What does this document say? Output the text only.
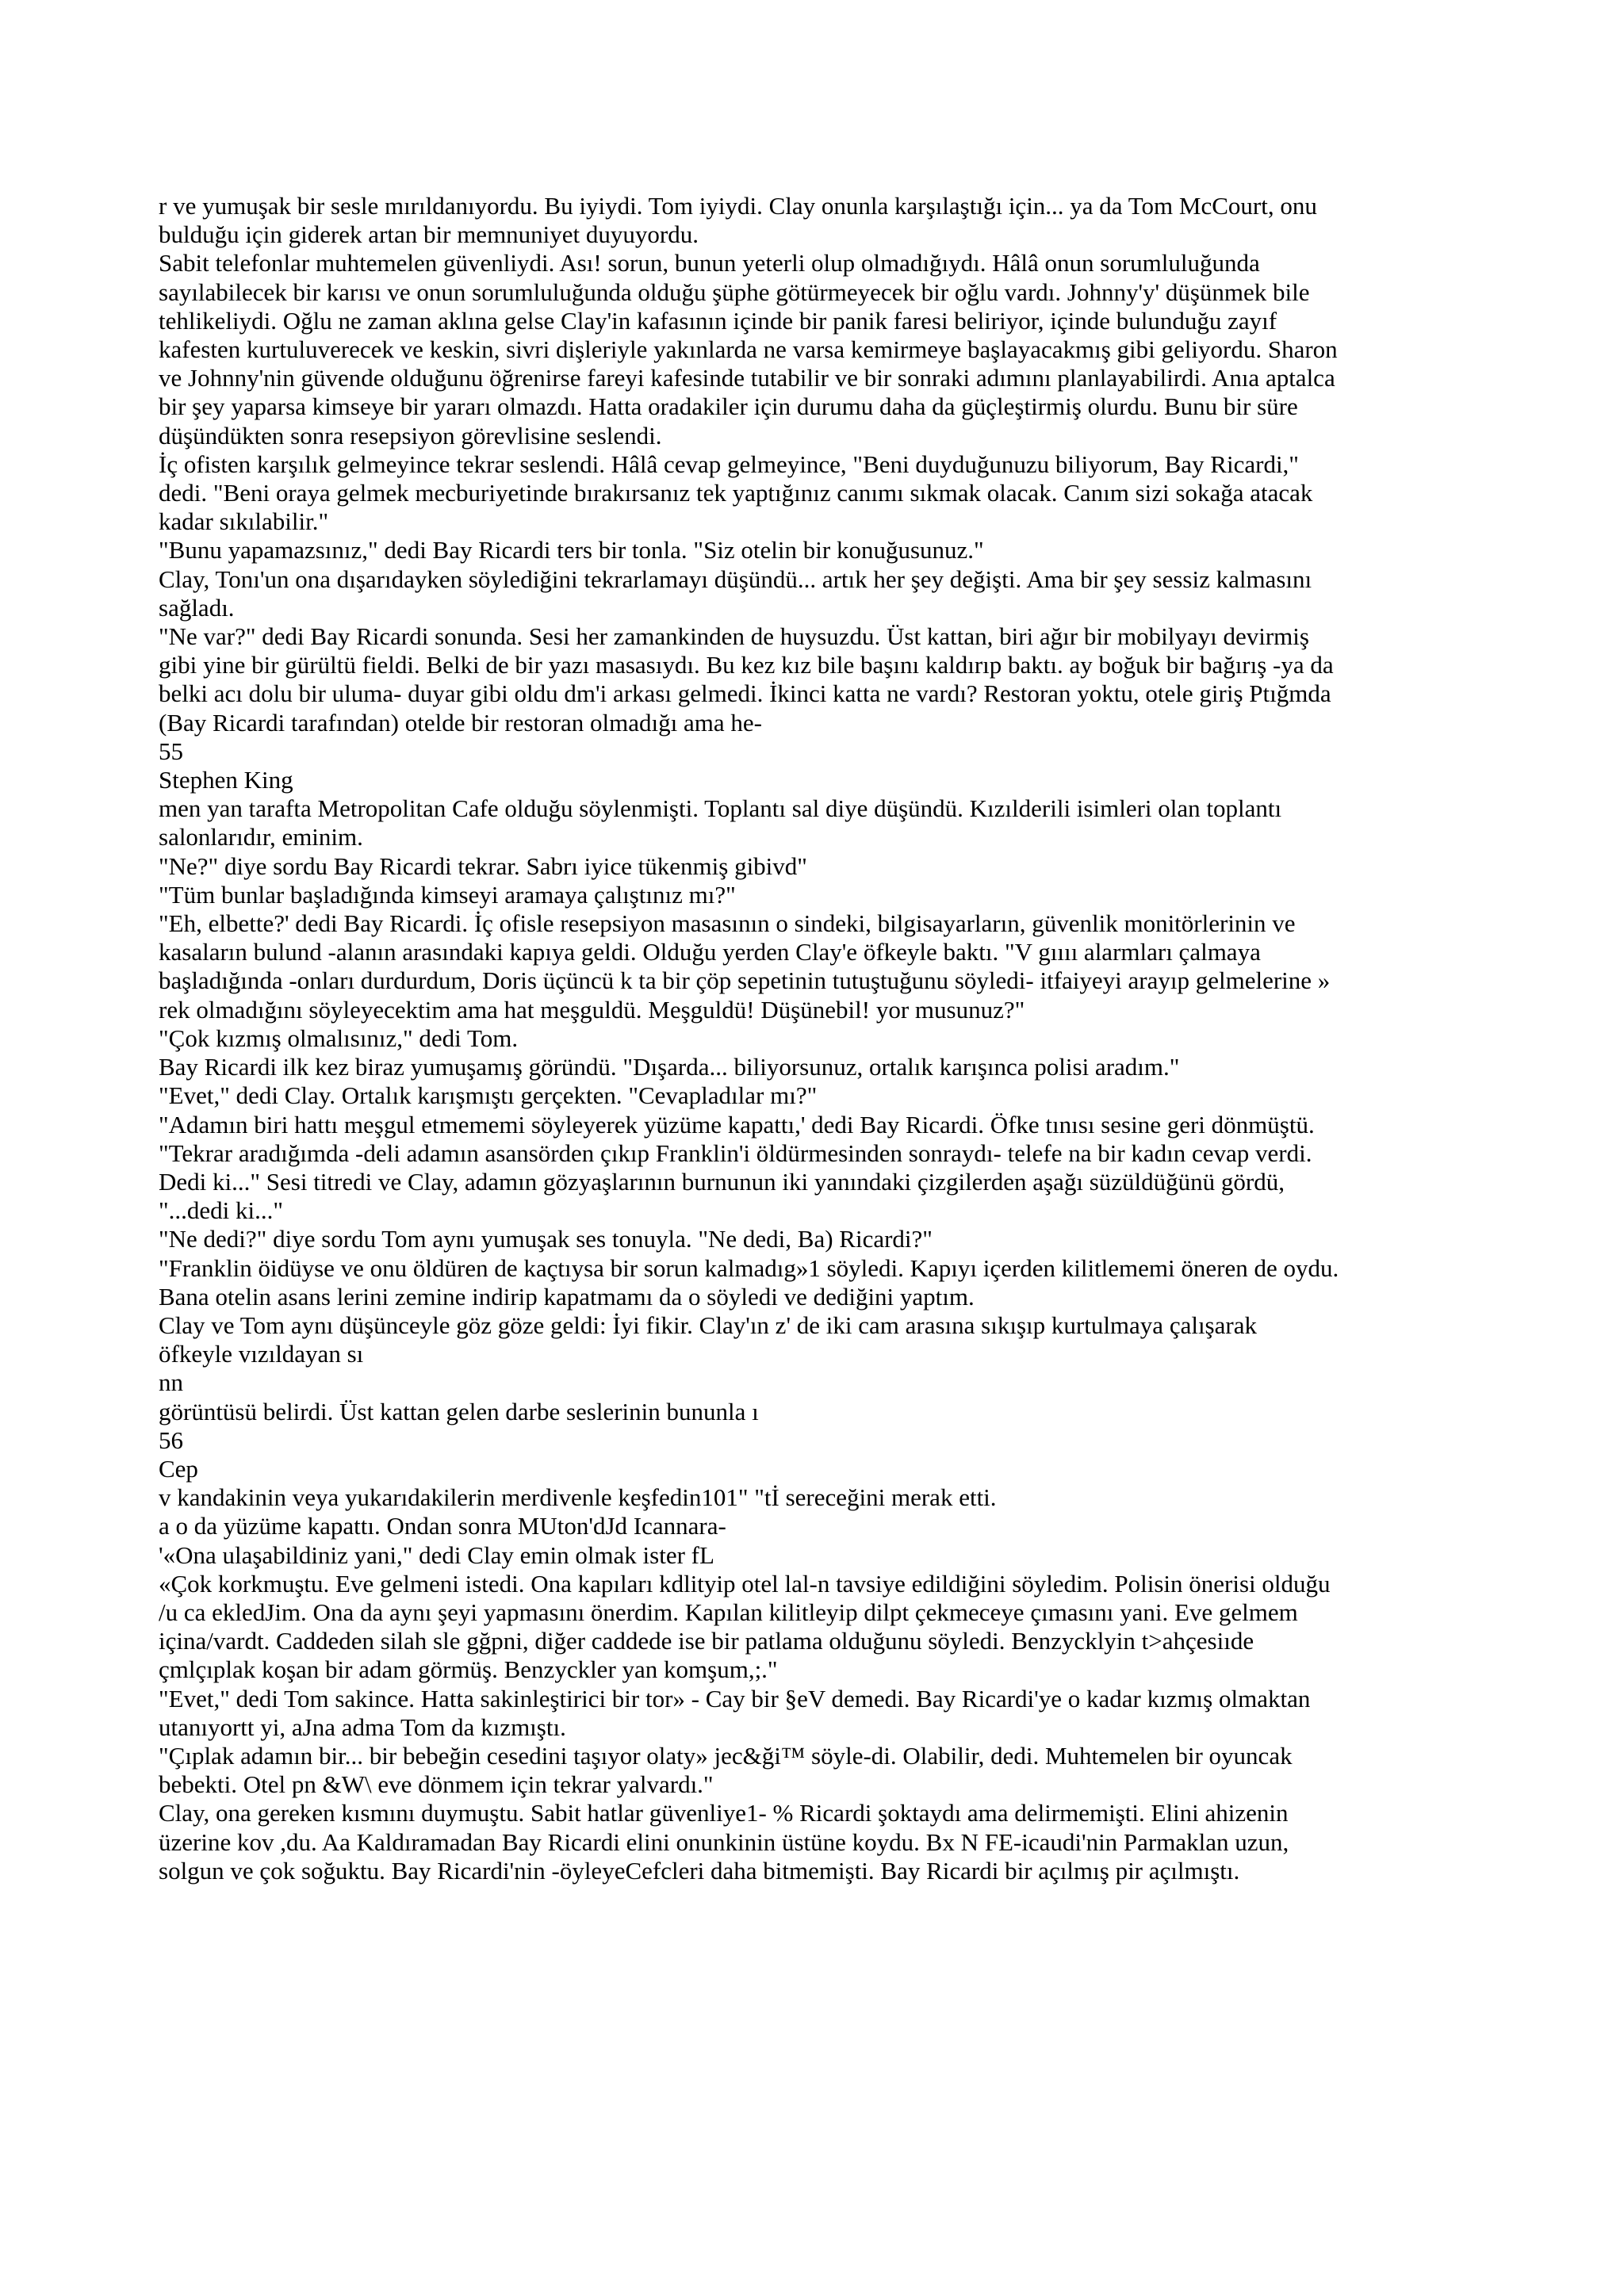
r ve yumuşak bir sesle mırıldanıyordu. Bu iyiydi. Tom iyiydi. Clay onunla karşılaştığı için... ya da Tom McCourt, onu

bulduğu için giderek artan bir memnuniyet duyuyordu.

Sabit telefonlar muhtemelen güvenliydi. Ası! sorun, bunun yeterli olup olmadığıydı. Hâlâ onun sorumluluğunda

sayılabilecek bir karısı ve onun sorumluluğunda olduğu şüphe götürmeyecek bir oğlu vardı. Johnny'y' düşünmek bile

tehlikeliydi. Oğlu ne zaman aklına gelse Clay'in kafasının içinde bir panik faresi beliriyor, içinde bulunduğu zayıf

kafesten kurtuluverecek ve keskin, sivri dişleriyle yakınlarda ne varsa kemirmeye başlayacakmış gibi geliyordu. Sharon

ve Johnny'nin güvende olduğunu öğrenirse fareyi kafesinde tutabilir ve bir sonraki adımını planlayabilirdi. Anıa aptalca

bir şey yaparsa kimseye bir yararı olmazdı. Hatta oradakiler için durumu daha da güçleştirmiş olurdu. Bunu bir süre

düşündükten sonra resepsiyon görevlisine seslendi.

İç ofisten karşılık gelmeyince tekrar seslendi. Hâlâ cevap gelmeyince, "Beni duyduğunuzu biliyorum, Bay Ricardi,"

dedi. "Beni oraya gelmek mecburiyetinde bırakırsanız tek yaptığınız canımı sıkmak olacak. Canım sizi sokağa atacak

kadar sıkılabilir."

"Bunu yapamazsınız," dedi Bay Ricardi ters bir tonla. "Siz otelin bir konuğusunuz."

Clay, Tonı'un ona dışarıdayken söylediğini tekrarlamayı düşündü... artık her şey değişti. Ama bir şey sessiz kalmasını

sağladı.

"Ne var?" dedi Bay Ricardi sonunda. Sesi her zamankinden de huysuzdu. Üst kattan, biri ağır bir mobilyayı devirmiş

gibi yine bir gürültü fieldi. Belki de bir yazı masasıydı. Bu kez kız bile başını kaldırıp baktı. ay boğuk bir bağırış -ya da

belki acı dolu bir uluma- duyar gibi oldu dm'i arkası gelmedi. İkinci katta ne vardı? Restoran yoktu, otele giriş Ptığmda

(Bay Ricardi tarafından) otelde bir restoran olmadığı ama he-

55

Stephen King

men yan tarafta Metropolitan Cafe olduğu söylenmişti. Toplantı sal diye düşündü. Kızılderili isimleri olan toplantı

salonlarıdır, eminim.

"Ne?" diye sordu Bay Ricardi tekrar. Sabrı iyice tükenmiş gibivd"

"Tüm bunlar başladığında kimseyi aramaya çalıştınız mı?"

"Eh, elbette?' dedi Bay Ricardi. İç ofisle resepsiyon masasının o sindeki, bilgisayarların, güvenlik monitörlerinin ve

kasaların bulund -alanın arasındaki kapıya geldi. Olduğu yerden Clay'e öfkeyle baktı. "V gıııı alarmları çalmaya

başladığında -onları durdurdum, Doris üçüncü k ta bir çöp sepetinin tutuştuğunu söyledi- itfaiyeyi arayıp gelmelerine »

rek olmadığını söyleyecektim ama hat meşguldü. Meşguldü! Düşünebil! yor musunuz?"

"Çok kızmış olmalısınız," dedi Tom.

Bay Ricardi ilk kez biraz yumuşamış göründü. "Dışarda... biliyorsunuz, ortalık karışınca polisi aradım."

"Evet," dedi Clay. Ortalık karışmıştı gerçekten. "Cevapladılar mı?"

"Adamın biri hattı meşgul etmememi söyleyerek yüzüme kapattı,' dedi Bay Ricardi. Öfke tınısı sesine geri dönmüştü.

"Tekrar aradığımda -deli adamın asansörden çıkıp Franklin'i öldürmesinden sonraydı- telefe na bir kadın cevap verdi.

Dedi ki..." Sesi titredi ve Clay, adamın gözyaşlarının burnunun iki yanındaki çizgilerden aşağı süzüldüğünü gördü,

"...dedi ki..."

"Ne dedi?" diye sordu Tom aynı yumuşak ses tonuyla. "Ne dedi, Ba) Ricardi?"

"Franklin öidüyse ve onu öldüren de kaçtıysa bir sorun kalmadıg»1 söyledi. Kapıyı içerden kilitlememi öneren de oydu.

Bana otelin asans lerini zemine indirip kapatmamı da o söyledi ve dediğini yaptım.

Clay ve Tom aynı düşünceyle göz göze geldi: İyi fikir. Clay'ın z' de iki cam arasına sıkışıp kurtulmaya çalışarak

öfkeyle vızıldayan sı

nn

görüntüsü belirdi. Üst kattan gelen darbe seslerinin bununla ı

56

Cep

v kandakinin veya yukarıdakilerin merdivenle keşfedin101" "tİ sereceğini merak etti.

a o da yüzüme kapattı. Ondan sonra MUton'dJd Icannara-

'«Ona ulaşabildiniz yani," dedi Clay emin olmak ister fL

«Çok korkmuştu. Eve gelmeni istedi. Ona kapıları kdlityip otel lal-n tavsiye edildiğini söyledim. Polisin önerisi olduğu

/u ca ekledJim. Ona da aynı şeyi yapmasını önerdim. Kapılan kilitleyip dilpt çekmeceye çımasını yani. Eve gelmem

içina/vardt. Caddeden silah sle gğpni, diğer caddede ise bir patlama olduğunu söyledi. Benzycklyin t>ahçesiıde

çmlçıplak koşan bir adam görmüş. Benzyckler yan komşum,;."

"Evet," dedi Tom sakince. Hatta sakinleştirici bir tor» - Cay bir §eV demedi. Bay Ricardi'ye o kadar kızmış olmaktan

utanıyortt yi, aJna adma Tom da kızmıştı.

"Çıplak adamın bir... bir bebeğin cesedini taşıyor olaty» jec&ği™ söyle-di. Olabilir, dedi. Muhtemelen bir oyuncak

bebekti. Otel pn &W\ eve dönmem için tekrar yalvardı."

Clay, ona gereken kısmını duymuştu. Sabit hatlar güvenliye1- % Ricardi şoktaydı ama delirmemişti. Elini ahizenin

üzerine kov ,du. Aa Kaldıramadan Bay Ricardi elini onunkinin üstüne koydu. Bx N FE-icaudi'nin Parmaklan uzun,

solgun ve çok soğuktu. Bay Ricardi'nin -öyleyeCefcleri daha bitmemişti. Bay Ricardi bir açılmış pir açılmıştı.
